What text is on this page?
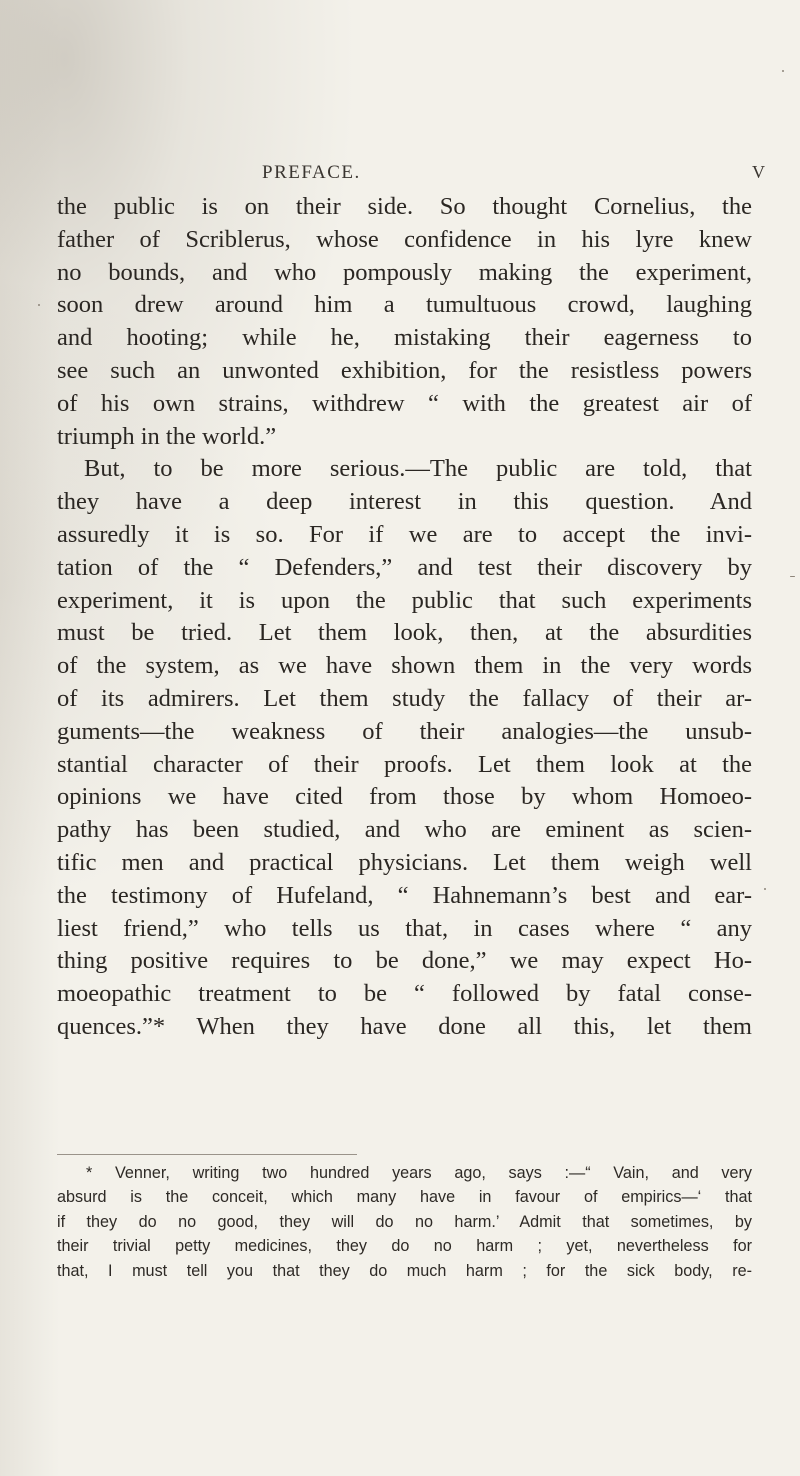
PREFACE.	V
the public is on their side. So thought Cornelius, the
father of Scriblerus, whose confidence in his lyre knew
no bounds, and who pompously making the experiment,
soon drew around him a tumultuous crowd, laughing
and hooting; while he, mistaking their eagerness to
see such an unwonted exhibition, for the resistless powers
of his own strains, withdrew “ with the greatest air of
triumph in the world.”
But, to be more serious.—The public are told, that
they have a deep interest in this question. And
assuredly it is so. For if we are to accept the invi-
tation of the “ Defenders,” and test their discovery by
experiment, it is upon the public that such experiments
must be tried. Let them look, then, at the absurdities
of the system, as we have shown them in the very words
of its admirers. Let them study the fallacy of their ar-
guments—the weakness of their analogies—the unsub-
stantial character of their proofs. Let them look at the
opinions we have cited from those by whom Homoeo-
pathy has been studied, and who are eminent as scien-
tific men and practical physicians. Let them weigh well
the testimony of Hufeland, “ Hahnemann’s best and ear-
liest friend,” who tells us that, in cases where “ any
thing positive requires to be done,” we may expect Ho-
moeopathic treatment to be “ followed by fatal conse-
quences.”* When they have done all this, let them
* Venner, writing two hundred years ago, says :—“ Vain, and very
absurd is the conceit, which many have in favour of empirics—‘ that
if they do no good, they will do no harm.’ Admit that sometimes, by
their trivial petty medicines, they do no harm ; yet, nevertheless for
that, I must tell you that they do much harm ; for the sick body, re-
